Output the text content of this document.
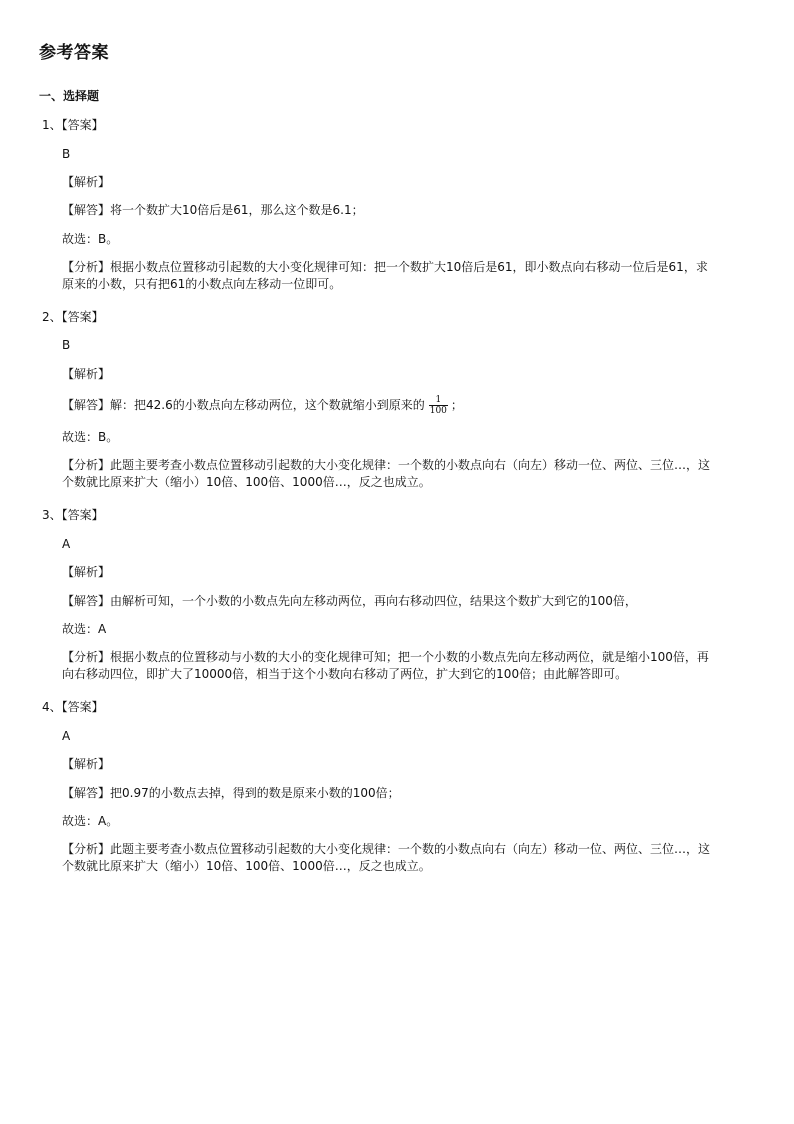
参考答案
一、选择题
1、【答案】
B
【解析】
【解答】将一个数扩大10倍后是61，那么这个数是6.1；
故选：B。
【分析】根据小数点位置移动引起数的大小变化规律可知：把一个数扩大10倍后是61，即小数点向右移动一位后是61，求原来的小数，只有把61的小数点向左移动一位即可。
2、【答案】
B
【解析】
【解答】解：把42.6的小数点向左移动两位，这个数就缩小到原来的 $\frac{1}{100}$ ；
故选：B。
【分析】此题主要考查小数点位置移动引起数的大小变化规律：一个数的小数点向右（向左）移动一位、两位、三位…，这个数就比原来扩大（缩小）10倍、100倍、1000倍…，反之也成立。
3、【答案】
A
【解析】
【解答】由解析可知，一个小数的小数点先向左移动两位，再向右移动四位，结果这个数扩大到它的100倍，
故选：A
【分析】根据小数点的位置移动与小数的大小的变化规律可知；把一个小数的小数点先向左移动两位，就是缩小100倍，再向右移动四位，即扩大了10000倍，相当于这个小数向右移动了两位，扩大到它的100倍；由此解答即可。
4、【答案】
A
【解析】
【解答】把0.97的小数点去掉，得到的数是原来小数的100倍；
故选：A。
【分析】此题主要考查小数点位置移动引起数的大小变化规律：一个数的小数点向右（向左）移动一位、两位、三位…，这个数就比原来扩大（缩小）10倍、100倍、1000倍…，反之也成立。
